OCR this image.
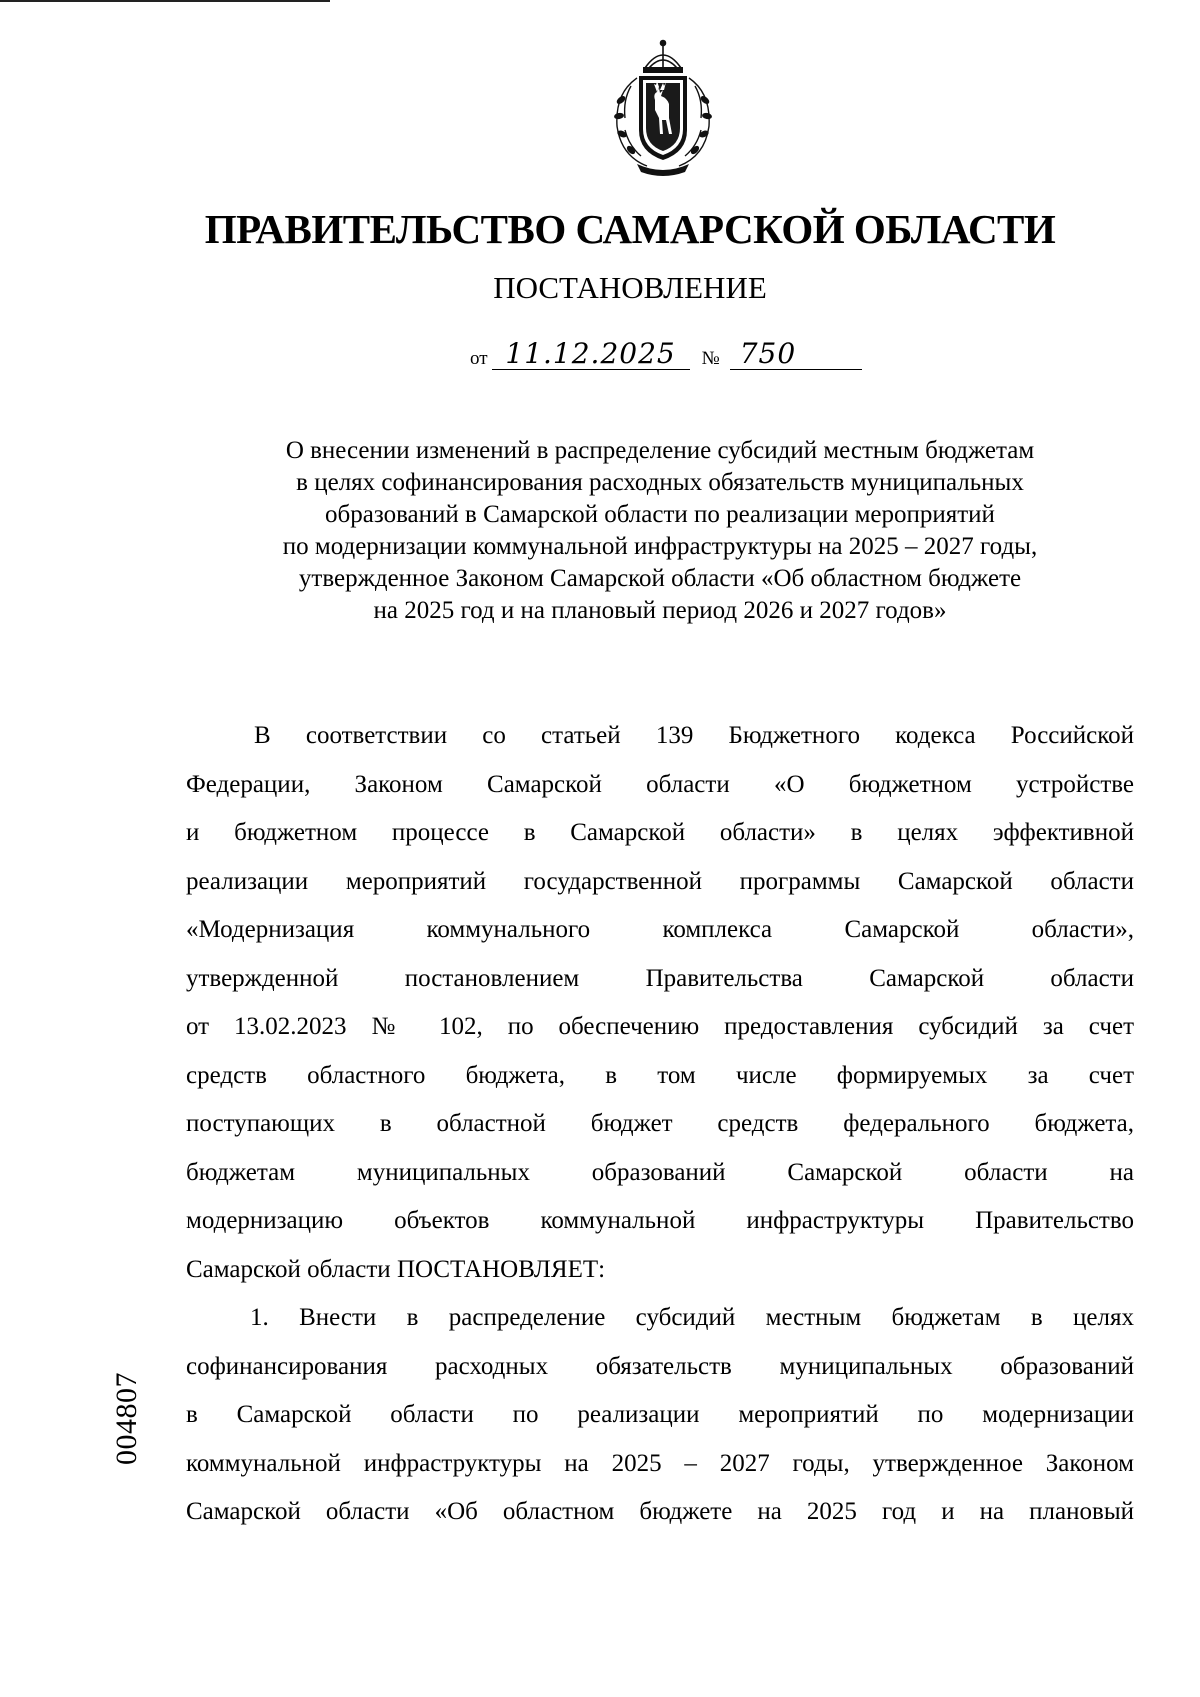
ПРАВИТЕЛЬСТВО САМАРСКОЙ ОБЛАСТИ
ПОСТАНОВЛЕНИЕ
от 11.12.2025	№ 750
О внесении изменений в распределение субсидий местным бюджетам
в целях софинансирования расходных обязательств муниципальных
образований в Самарской области по реализации мероприятий
по модернизации коммунальной инфраструктуры на 2025 – 2027 годы,
утвержденное Законом Самарской области «Об областном бюджете
на 2025 год и на плановый период 2026 и 2027 годов»
В соответствии со статьей 139 Бюджетного кодекса Российской
Федерации, Законом Самарской области «О бюджетном устройстве
и бюджетном процессе в Самарской области» в целях эффективной
реализации мероприятий государственной программы Самарской области
«Модернизация коммунального комплекса Самарской области»,
утвержденной постановлением Правительства Самарской области
от 13.02.2023 № 102, по обеспечению предоставления субсидий за счет
средств областного бюджета, в том числе формируемых за счет
поступающих в областной бюджет средств федерального бюджета,
бюджетам муниципальных образований Самарской области на
модернизацию объектов коммунальной инфраструктуры Правительство
Самарской области ПОСТАНОВЛЯЕТ:
1. Внести в распределение субсидий местным бюджетам в целях
софинансирования расходных обязательств муниципальных образований
в Самарской области по реализации мероприятий по модернизации
коммунальной инфраструктуры на 2025 – 2027 годы, утвержденное Законом
Самарской области «Об областном бюджете на 2025 год и на плановый
004807
